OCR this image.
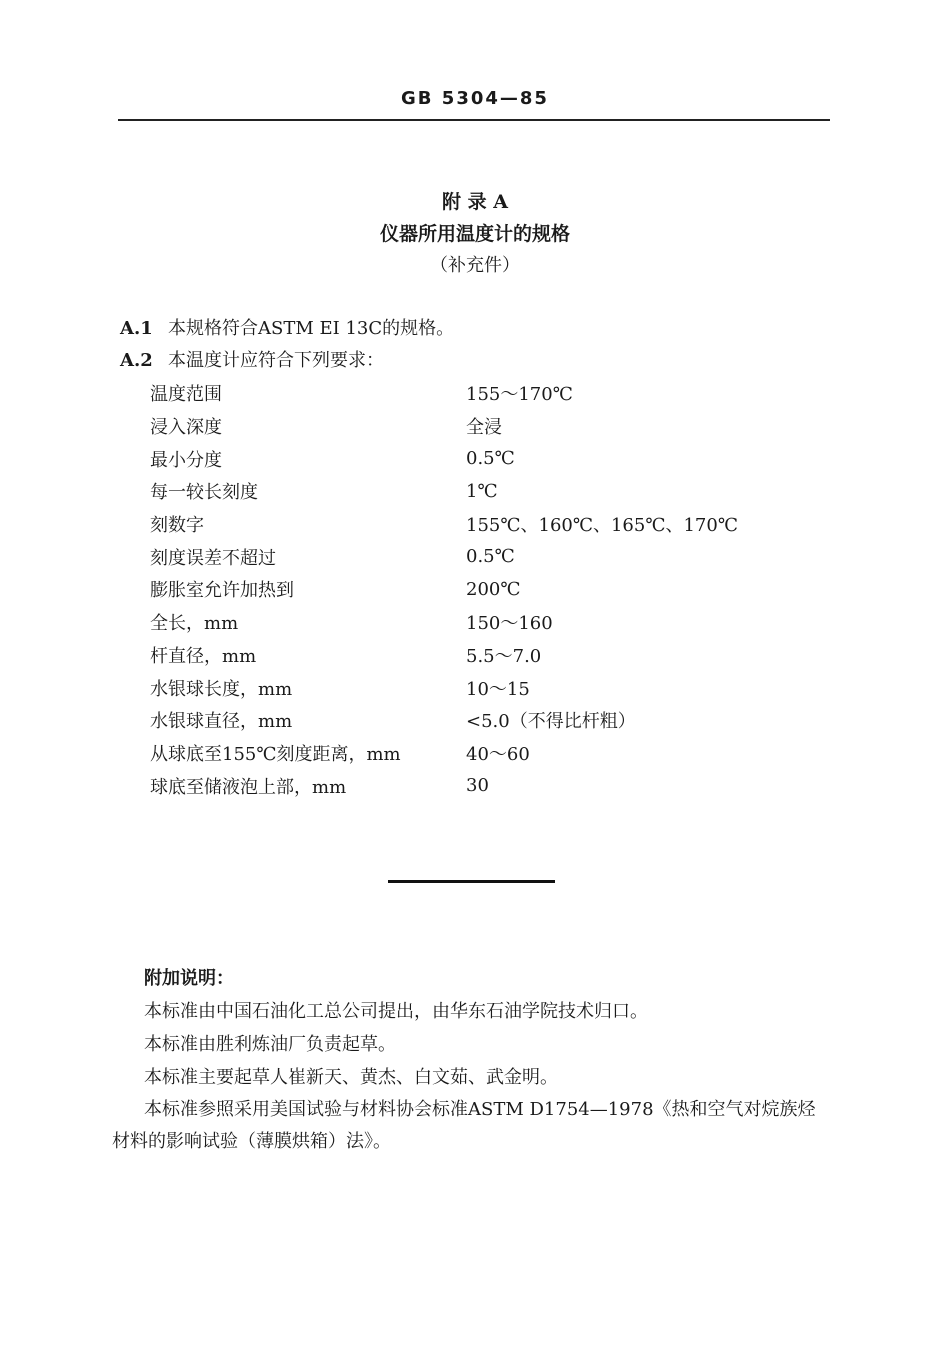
GB 5304—85
附 录 A
仪器所用温度计的规格
（补充件）
A.1 本规格符合ASTM EI 13C的规格。
A.2 本温度计应符合下列要求：
温度范围	155～170℃
浸入深度	全浸
最小分度	0.5℃
每一较长刻度	1℃
刻数字	155℃、160℃、165℃、170℃
刻度误差不超过	0.5℃
膨胀室允许加热到	200℃
全长，mm	150～160
杆直径，mm	5.5～7.0
水银球长度，mm	10～15
水银球直径，mm	<5.0（不得比杆粗）
从球底至155℃刻度距离，mm	40～60
球底至储液泡上部，mm	30
附加说明：
本标准由中国石油化工总公司提出，由华东石油学院技术归口。
本标准由胜利炼油厂负责起草。
本标准主要起草人崔新天、黄杰、白文茹、武金明。
本标准参照采用美国试验与材料协会标准ASTM D1754—1978《热和空气对烷族烃材料的影响试验（薄膜烘箱）法》。
